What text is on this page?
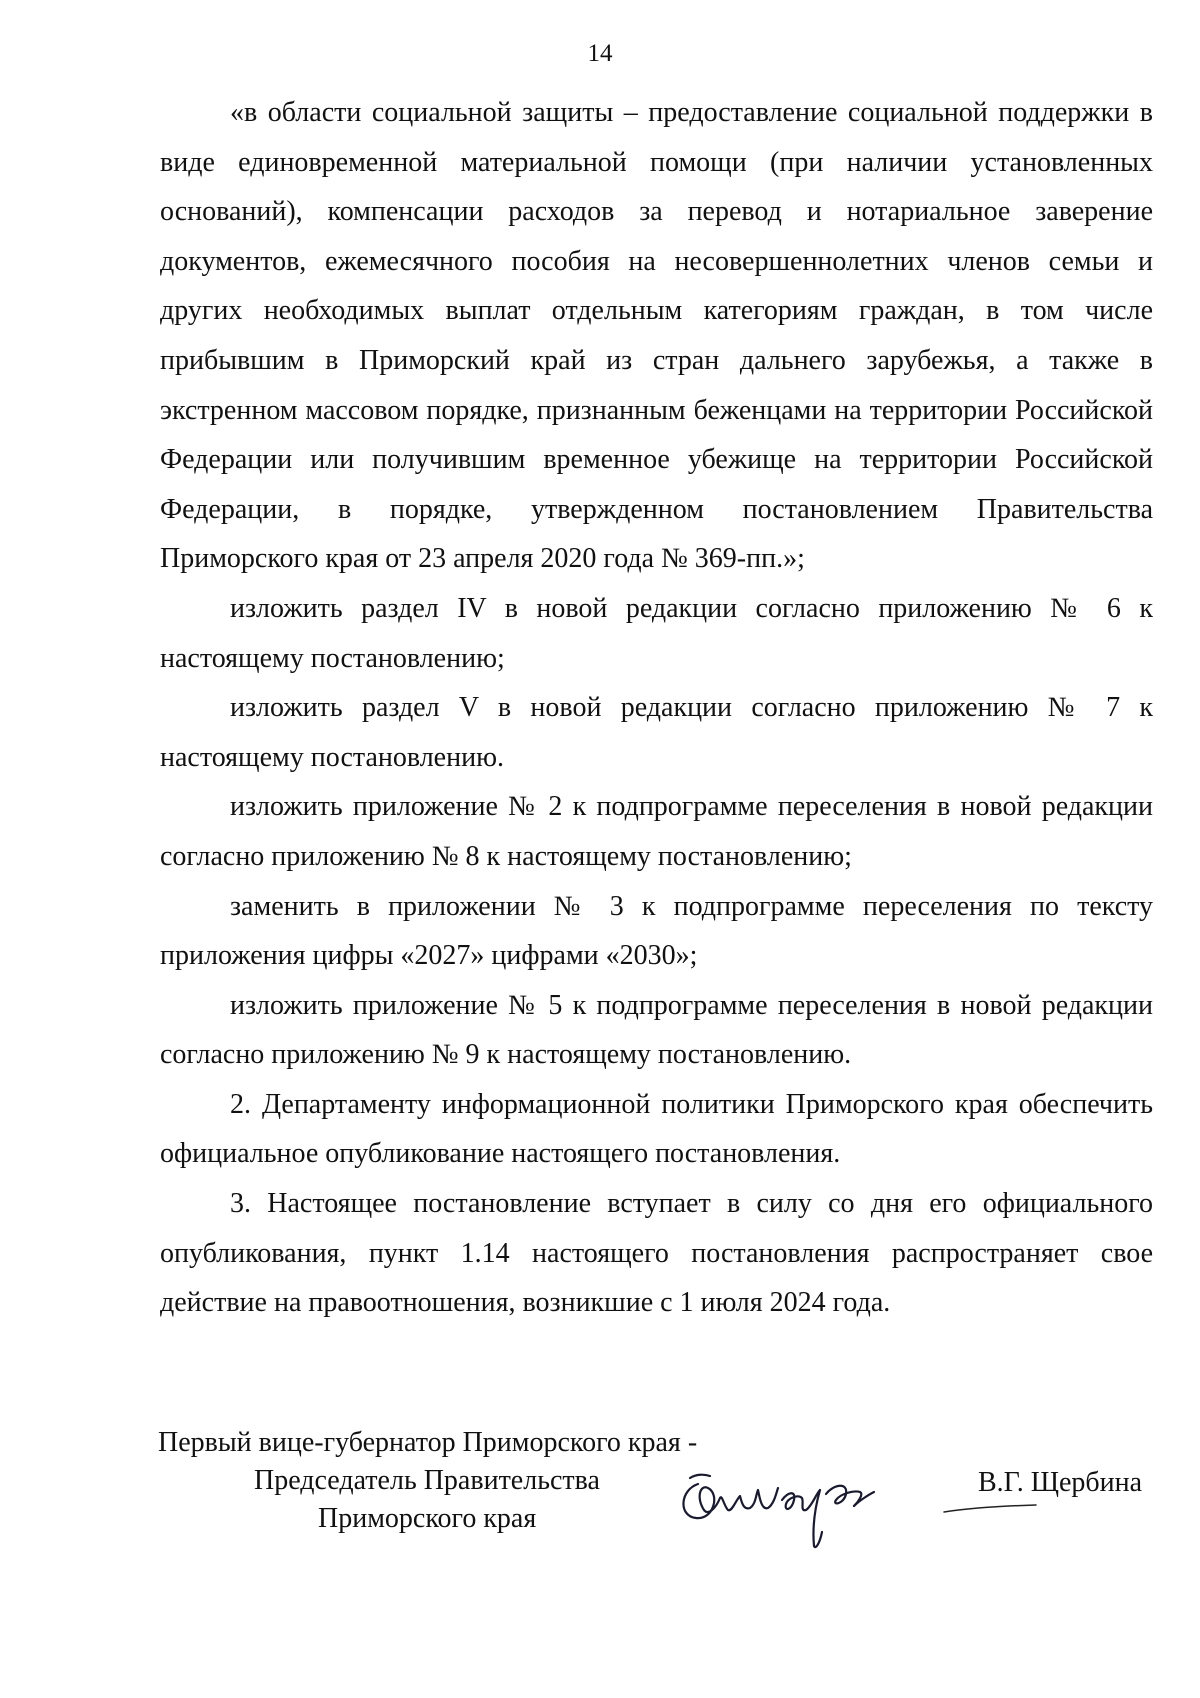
14

«в области социальной защиты – предоставление социальной поддержки в виде единовременной материальной помощи (при наличии установленных оснований), компенсации расходов за перевод и нотариальное заверение документов, ежемесячного пособия на несовершеннолетних членов семьи и других необходимых выплат отдельным категориям граждан, в том числе прибывшим в Приморский край из стран дальнего зарубежья, а также в экстренном массовом порядке, признанным беженцами на территории Российской Федерации или получившим временное убежище на территории Российской Федерации, в порядке, утвержденном постановлением Правительства Приморского края от 23 апреля 2020 года № 369-пп.»;

изложить раздел IV в новой редакции согласно приложению № 6 к настоящему постановлению;

изложить раздел V в новой редакции согласно приложению № 7 к настоящему постановлению.

изложить приложение № 2 к подпрограмме переселения в новой редакции согласно приложению № 8 к настоящему постановлению;

заменить в приложении № 3 к подпрограмме переселения по тексту приложения цифры «2027» цифрами «2030»;

изложить приложение № 5 к подпрограмме переселения в новой редакции согласно приложению № 9 к настоящему постановлению.

2. Департаменту информационной политики Приморского края обеспечить официальное опубликование настоящего постановления.

3. Настоящее постановление вступает в силу со дня его официального опубликования, пункт 1.14 настоящего постановления распространяет свое действие на правоотношения, возникшие с 1 июля 2024 года.

Первый вице-губернатор Приморского края -
Председатель Правительства
Приморского края
В.Г. Щербина
